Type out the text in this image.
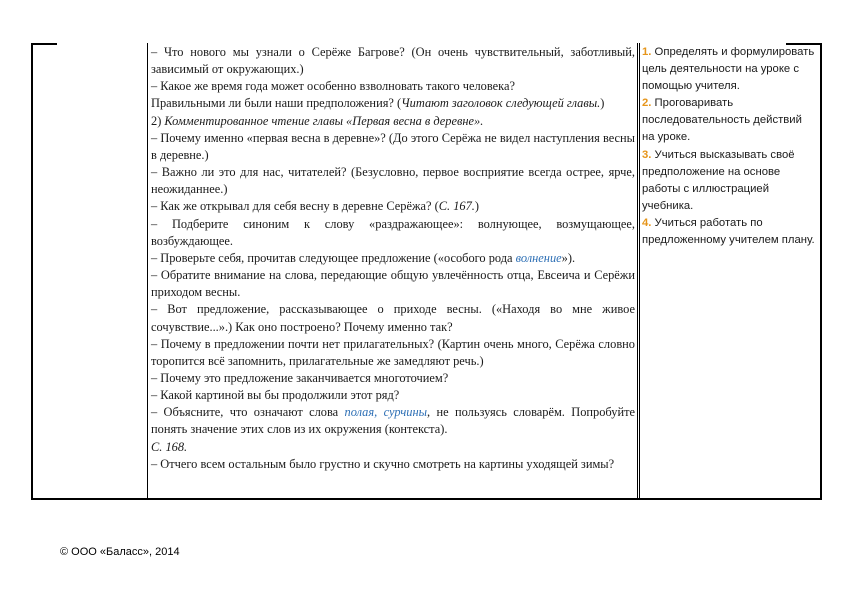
– Что нового мы узнали о Серёже Багрове? (Он очень чувствительный, заботливый, зависимый от окружающих.)

– Какое же время года может особенно взволновать такого человека?

Правильными ли были наши предположения? (Читают заголовок следующей главы.)

2) Комментированное чтение главы «Первая весна в деревне».

– Почему именно «первая весна в деревне»? (До этого Серёжа не видел наступления весны в деревне.)

– Важно ли это для нас, читателей? (Безусловно, первое восприятие всегда острее, ярче, неожиданнее.)

– Как же открывал для себя весну в деревне Серёжа? (С. 167.)

– Подберите синоним к слову «раздражающее»: волнующее, возмущающее, возбуждающее.

– Проверьте себя, прочитав следующее предложение («особого рода волнение»).

– Обратите внимание на слова, передающие общую увлечённость отца, Евсеича и Серёжи приходом весны.

– Вот предложение, рассказывающее о приходе весны. («Находя во мне живое сочувствие...».) Как оно построено? Почему именно так?

– Почему в предложении почти нет прилагательных? (Картин очень много, Серёжа словно торопится всё запомнить, прилагательные же замедляют речь.)

– Почему это предложение заканчивается многоточием?

– Какой картиной вы бы продолжили этот ряд?

– Объясните, что означают слова полая, сурчины, не пользуясь словарём. Попробуйте понять значение этих слов из их окружения (контекста).

С. 168.

– Отчего всем остальным было грустно и скучно смотреть на картины уходящей зимы?

1. Определять и формулировать цель деятельности на уроке с помощью учителя.

2. Проговаривать последовательность действий на уроке.

3. Учиться высказывать своё предположение на основе работы с иллюстрацией учебника.

4. Учиться работать по предложенному учителем плану.

© ООО «Баласс», 2014
